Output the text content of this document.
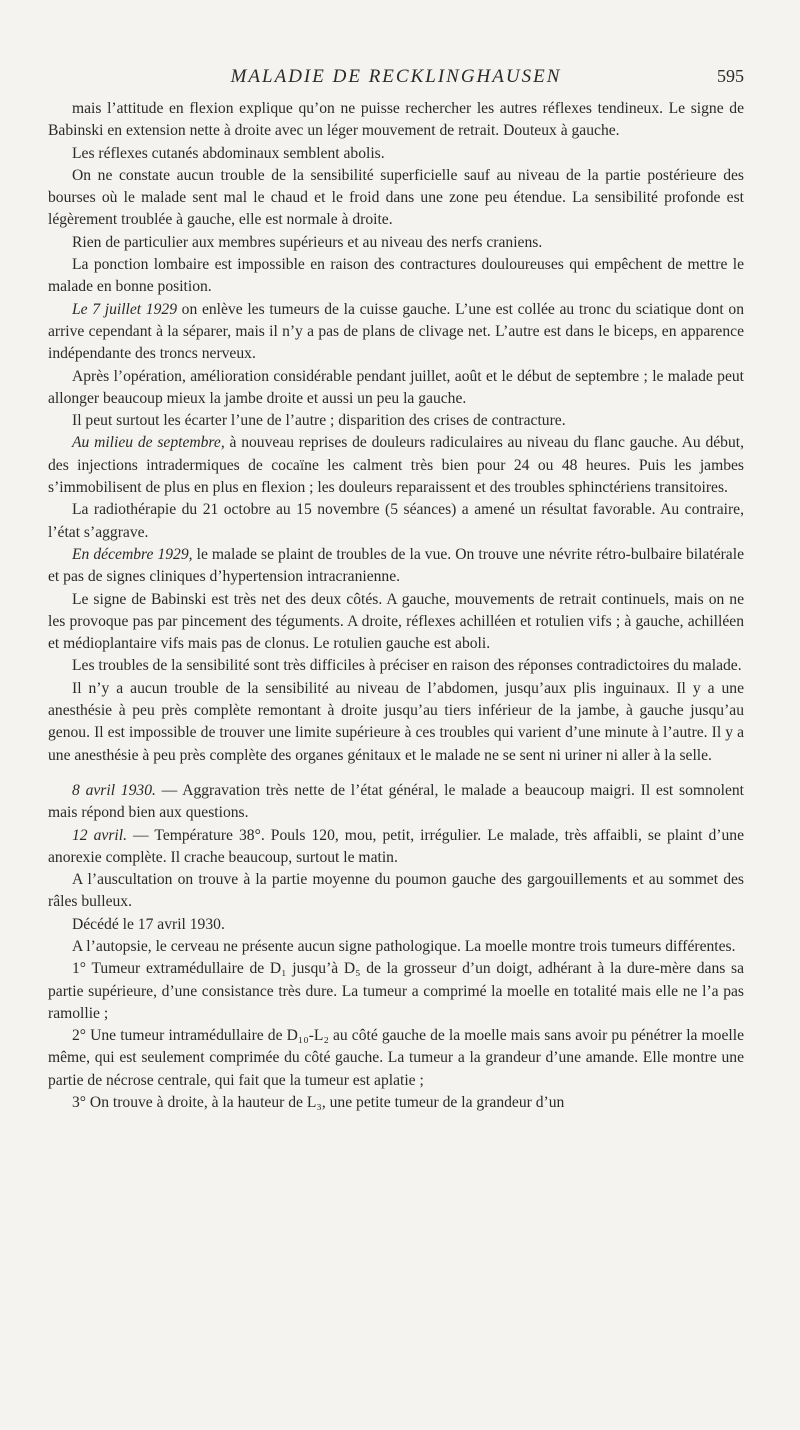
MALADIE DE RECKLINGHAUSEN	595

mais l’attitude en flexion explique qu’on ne puisse rechercher les autres réflexes tendineux. Le signe de Babinski en extension nette à droite avec un léger mouvement de retrait. Douteux à gauche.

Les réflexes cutanés abdominaux semblent abolis.

On ne constate aucun trouble de la sensibilité superficielle sauf au niveau de la partie postérieure des bourses où le malade sent mal le chaud et le froid dans une zone peu étendue. La sensibilité profonde est légèrement troublée à gauche, elle est normale à droite.

Rien de particulier aux membres supérieurs et au niveau des nerfs craniens.

La ponction lombaire est impossible en raison des contractures douloureuses qui empêchent de mettre le malade en bonne position.

Le 7 juillet 1929 on enlève les tumeurs de la cuisse gauche. L’une est collée au tronc du sciatique dont on arrive cependant à la séparer, mais il n’y a pas de plans de clivage net. L’autre est dans le biceps, en apparence indépendante des troncs nerveux.

Après l’opération, amélioration considérable pendant juillet, août et le début de septembre ; le malade peut allonger beaucoup mieux la jambe droite et aussi un peu la gauche.

Il peut surtout les écarter l’une de l’autre ; disparition des crises de contracture.

Au milieu de septembre, à nouveau reprises de douleurs radiculaires au niveau du flanc gauche. Au début, des injections intradermiques de cocaïne les calment très bien pour 24 ou 48 heures. Puis les jambes s’immobilisent de plus en plus en flexion ; les douleurs reparaissent et des troubles sphinctériens transitoires.

La radiothérapie du 21 octobre au 15 novembre (5 séances) a amené un résultat favorable. Au contraire, l’état s’aggrave.

En décembre 1929, le malade se plaint de troubles de la vue. On trouve une névrite rétro-bulbaire bilatérale et pas de signes cliniques d’hypertension intracranienne.

Le signe de Babinski est très net des deux côtés. A gauche, mouvements de retrait continuels, mais on ne les provoque pas par pincement des téguments. A droite, réflexes achilléen et rotulien vifs ; à gauche, achilléen et médioplantaire vifs mais pas de clonus. Le rotulien gauche est aboli.

Les troubles de la sensibilité sont très difficiles à préciser en raison des réponses contradictoires du malade.

Il n’y a aucun trouble de la sensibilité au niveau de l’abdomen, jusqu’aux plis inguinaux. Il y a une anesthésie à peu près complète remontant à droite jusqu’au tiers inférieur de la jambe, à gauche jusqu’au genou. Il est impossible de trouver une limite supérieure à ces troubles qui varient d’une minute à l’autre. Il y a une anesthésie à peu près complète des organes génitaux et le malade ne se sent ni uriner ni aller à la selle.

8 avril 1930. — Aggravation très nette de l’état général, le malade a beaucoup maigri. Il est somnolent mais répond bien aux questions.

12 avril. — Température 38°. Pouls 120, mou, petit, irrégulier. Le malade, très affaibli, se plaint d’une anorexie complète. Il crache beaucoup, surtout le matin.

A l’auscultation on trouve à la partie moyenne du poumon gauche des gargouillements et au sommet des râles bulleux.

Décédé le 17 avril 1930.

A l’autopsie, le cerveau ne présente aucun signe pathologique. La moelle montre trois tumeurs différentes.

1° Tumeur extramédullaire de D₁ jusqu’à D₅ de la grosseur d’un doigt, adhérant à la dure-mère dans sa partie supérieure, d’une consistance très dure. La tumeur a comprimé la moelle en totalité mais elle ne l’a pas ramollie ;

2° Une tumeur intramédullaire de D₁₀-L₂ au côté gauche de la moelle mais sans avoir pu pénétrer la moelle même, qui est seulement comprimée du côté gauche. La tumeur a la grandeur d’une amande. Elle montre une partie de nécrose centrale, qui fait que la tumeur est aplatie ;

3° On trouve à droite, à la hauteur de L₃, une petite tumeur de la grandeur d’un
